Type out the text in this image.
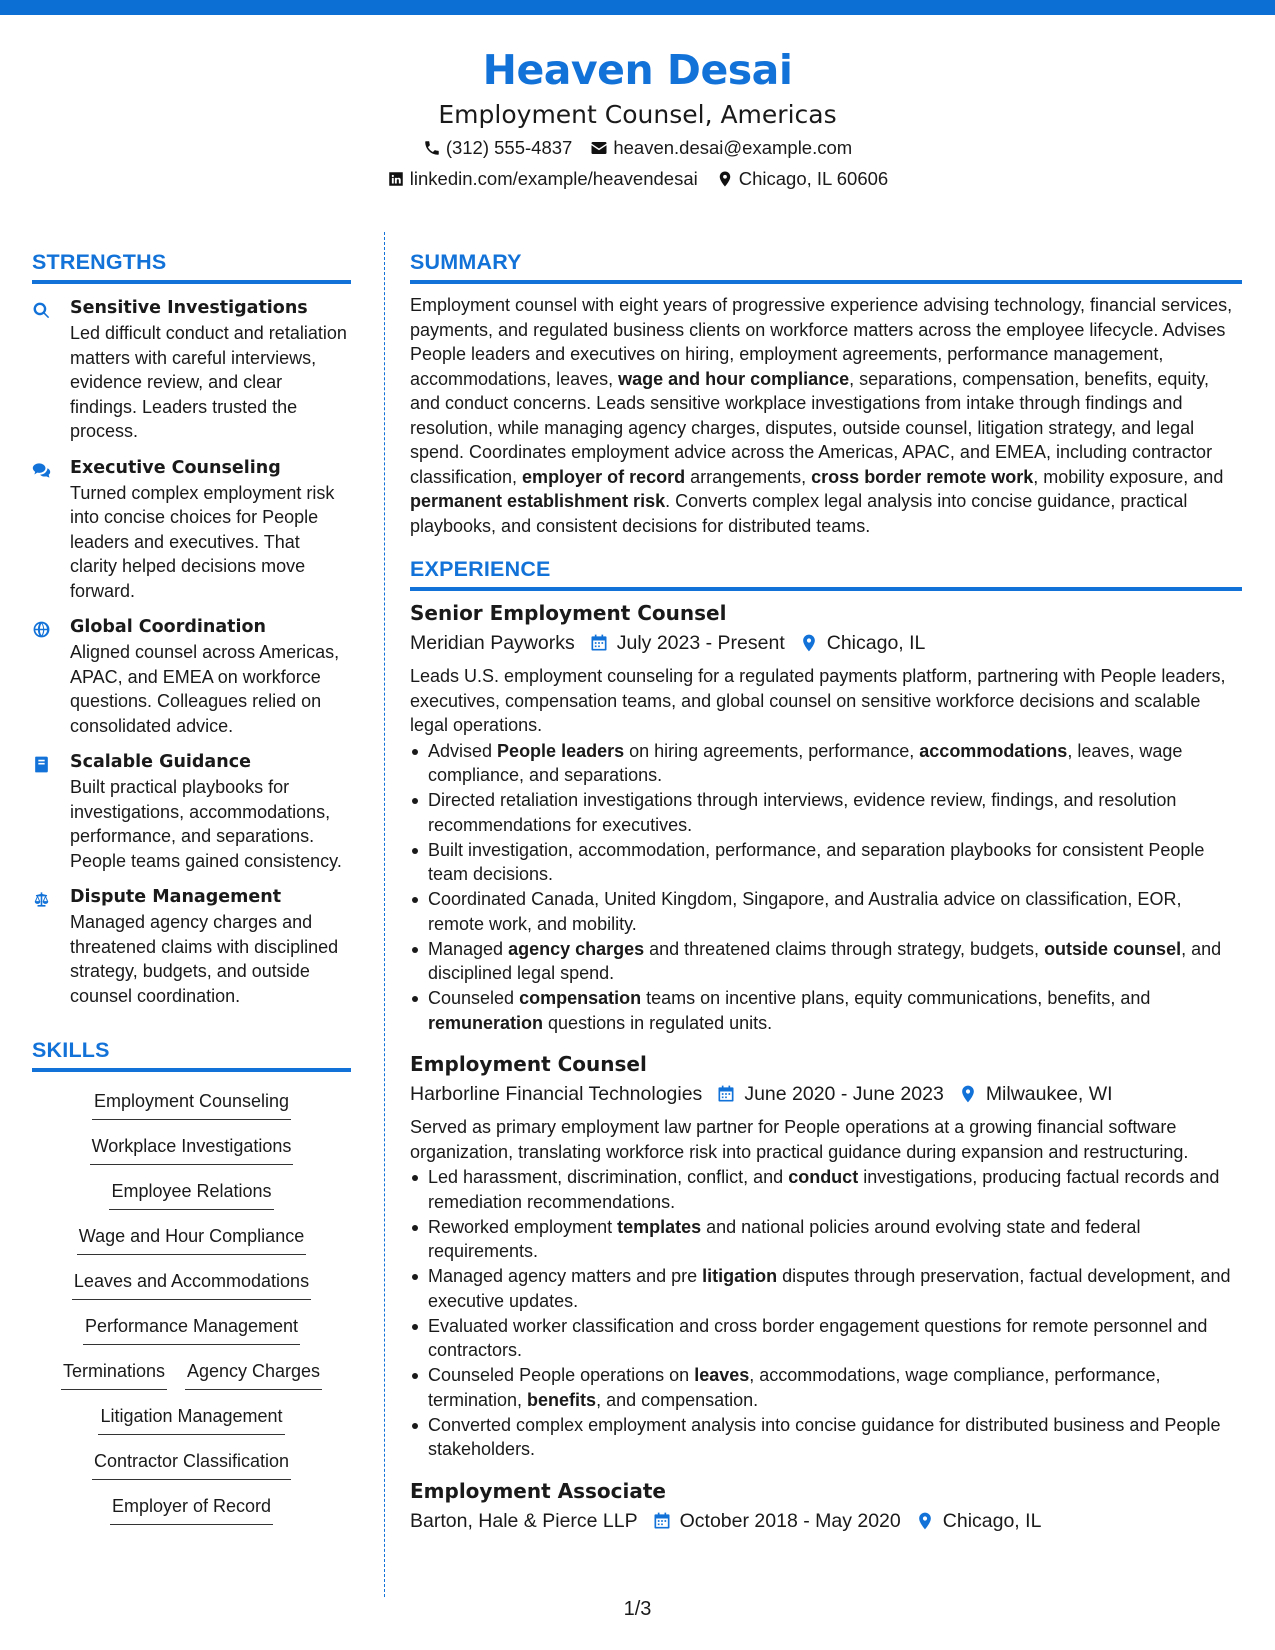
Heaven Desai
Employment Counsel, Americas
(312) 555-4837 heaven.desai@example.com
linkedin.com/example/heavendesai Chicago, IL 60606
STRENGTHS
Sensitive Investigations
Led difficult conduct and retaliation matters with careful interviews, evidence review, and clear findings. Leaders trusted the process.
Executive Counseling
Turned complex employment risk into concise choices for People leaders and executives. That clarity helped decisions move forward.
Global Coordination
Aligned counsel across Americas, APAC, and EMEA on workforce questions. Colleagues relied on consolidated advice.
Scalable Guidance
Built practical playbooks for investigations, accommodations, performance, and separations. People teams gained consistency.
Dispute Management
Managed agency charges and threatened claims with disciplined strategy, budgets, and outside counsel coordination.
SKILLS
Employment Counseling
Workplace Investigations
Employee Relations
Wage and Hour Compliance
Leaves and Accommodations
Performance Management
Terminations Agency Charges
Litigation Management
Contractor Classification
Employer of Record
SUMMARY
Employment counsel with eight years of progressive experience advising technology, financial services, payments, and regulated business clients on workforce matters across the employee lifecycle. Advises People leaders and executives on hiring, employment agreements, performance management, accommodations, leaves, wage and hour compliance, separations, compensation, benefits, equity, and conduct concerns. Leads sensitive workplace investigations from intake through findings and resolution, while managing agency charges, disputes, outside counsel, litigation strategy, and legal spend. Coordinates employment advice across the Americas, APAC, and EMEA, including contractor classification, employer of record arrangements, cross border remote work, mobility exposure, and permanent establishment risk. Converts complex legal analysis into concise guidance, practical playbooks, and consistent decisions for distributed teams.
EXPERIENCE
Senior Employment Counsel
Meridian Payworks July 2023 - Present Chicago, IL
Leads U.S. employment counseling for a regulated payments platform, partnering with People leaders, executives, compensation teams, and global counsel on sensitive workforce decisions and scalable legal operations.
Advised People leaders on hiring agreements, performance, accommodations, leaves, wage compliance, and separations.
Directed retaliation investigations through interviews, evidence review, findings, and resolution recommendations for executives.
Built investigation, accommodation, performance, and separation playbooks for consistent People team decisions.
Coordinated Canada, United Kingdom, Singapore, and Australia advice on classification, EOR, remote work, and mobility.
Managed agency charges and threatened claims through strategy, budgets, outside counsel, and disciplined legal spend.
Counseled compensation teams on incentive plans, equity communications, benefits, and remuneration questions in regulated units.
Employment Counsel
Harborline Financial Technologies June 2020 - June 2023 Milwaukee, WI
Served as primary employment law partner for People operations at a growing financial software organization, translating workforce risk into practical guidance during expansion and restructuring.
Led harassment, discrimination, conflict, and conduct investigations, producing factual records and remediation recommendations.
Reworked employment templates and national policies around evolving state and federal requirements.
Managed agency matters and pre litigation disputes through preservation, factual development, and executive updates.
Evaluated worker classification and cross border engagement questions for remote personnel and contractors.
Counseled People operations on leaves, accommodations, wage compliance, performance, termination, benefits, and compensation.
Converted complex employment analysis into concise guidance for distributed business and People stakeholders.
Employment Associate
Barton, Hale & Pierce LLP October 2018 - May 2020 Chicago, IL
1/3
